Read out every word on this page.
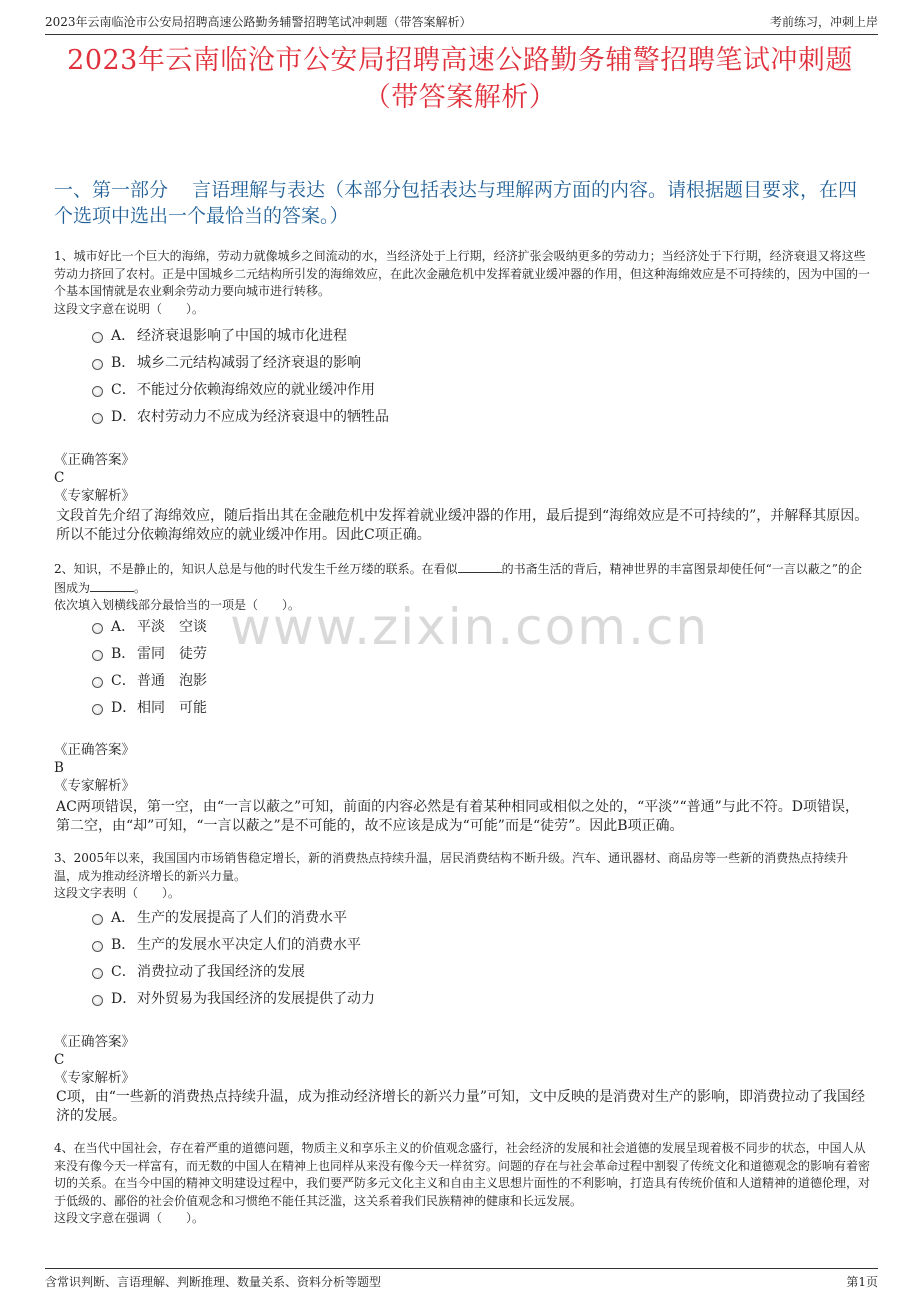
2023年云南临沧市公安局招聘高速公路勤务辅警招聘笔试冲刺题（带答案解析）	考前练习，冲刺上岸
2023年云南临沧市公安局招聘高速公路勤务辅警招聘笔试冲刺题（带答案解析）
一、第一部分 言语理解与表达（本部分包括表达与理解两方面的内容。请根据题目要求，在四个选项中选出一个最恰当的答案。）
www.zixin.com.cn
1、城市好比一个巨大的海绵，劳动力就像城乡之间流动的水，当经济处于上行期，经济扩张会吸纳更多的劳动力；当经济处于下行期，经济衰退又将这些劳动力挤回了农村。正是中国城乡二元结构所引发的海绵效应，在此次金融危机中发挥着就业缓冲器的作用，但这种海绵效应是不可持续的，因为中国的一个基本国情就是农业剩余劳动力要向城市进行转移。
这段文字意在说明（　　）。
A． 经济衰退影响了中国的城市化进程
B． 城乡二元结构减弱了经济衰退的影响
C．不能过分依赖海绵效应的就业缓冲作用
D．农村劳动力不应成为经济衰退中的牺牲品

《正确答案》

C

《专家解析》

文段首先介绍了海绵效应，随后指出其在金融危机中发挥着就业缓冲器的作用，最后提到“海绵效应是不可持续的”，并解释其原因。所以不能过分依赖海绵效应的就业缓冲作用。因此C项正确。
2、知识，不是静止的，知识人总是与他的时代发生千丝万缕的联系。在看似	的书斋生活的背后，精神世界的丰富图景却使任何“一言以蔽之”的企图成为	。
依次填入划横线部分最恰当的一项是（　　）。
A． 平淡　空谈
B． 雷同　徒劳
C．普通　泡影
D．相同　可能

《正确答案》

B

《专家解析》

AC两项错误，第一空，由“一言以蔽之”可知，前面的内容必然是有着某种相同或相似之处的，“平淡”“普通”与此不符。D项错误，第二空，由“却”可知，“一言以蔽之”是不可能的，故不应该是成为“可能”而是“徒劳”。因此B项正确。
3、2005年以来，我国国内市场销售稳定增长，新的消费热点持续升温，居民消费结构不断升级。汽车、通讯器材、商品房等一些新的消费热点持续升温，成为推动经济增长的新兴力量。
这段文字表明（　　）。
A． 生产的发展提高了人们的消费水平
B． 生产的发展水平决定人们的消费水平
C．消费拉动了我国经济的发展
D．对外贸易为我国经济的发展提供了动力

《正确答案》

C

《专家解析》

C项，由“一些新的消费热点持续升温，成为推动经济增长的新兴力量”可知，文中反映的是消费对生产的影响，即消费拉动了我国经济的发展。
4、在当代中国社会，存在着严重的道德问题，物质主义和享乐主义的价值观念盛行，社会经济的发展和社会道德的发展呈现着极不同步的状态，中国人从来没有像今天一样富有，而无数的中国人在精神上也同样从来没有像今天一样贫穷。问题的存在与社会革命过程中割裂了传统文化和道德观念的影响有着密切的关系。在当今中国的精神文明建设过程中，我们要严防多元文化主义和自由主义思想片面性的不利影响，打造具有传统价值和人道精神的道德伦理，对于低级的、鄙俗的社会价值观念和习惯绝不能任其泛滥，这关系着我们民族精神的健康和长远发展。
这段文字意在强调（　　）。
含常识判断、言语理解、判断推理、数量关系、资料分析等题型	第1页
